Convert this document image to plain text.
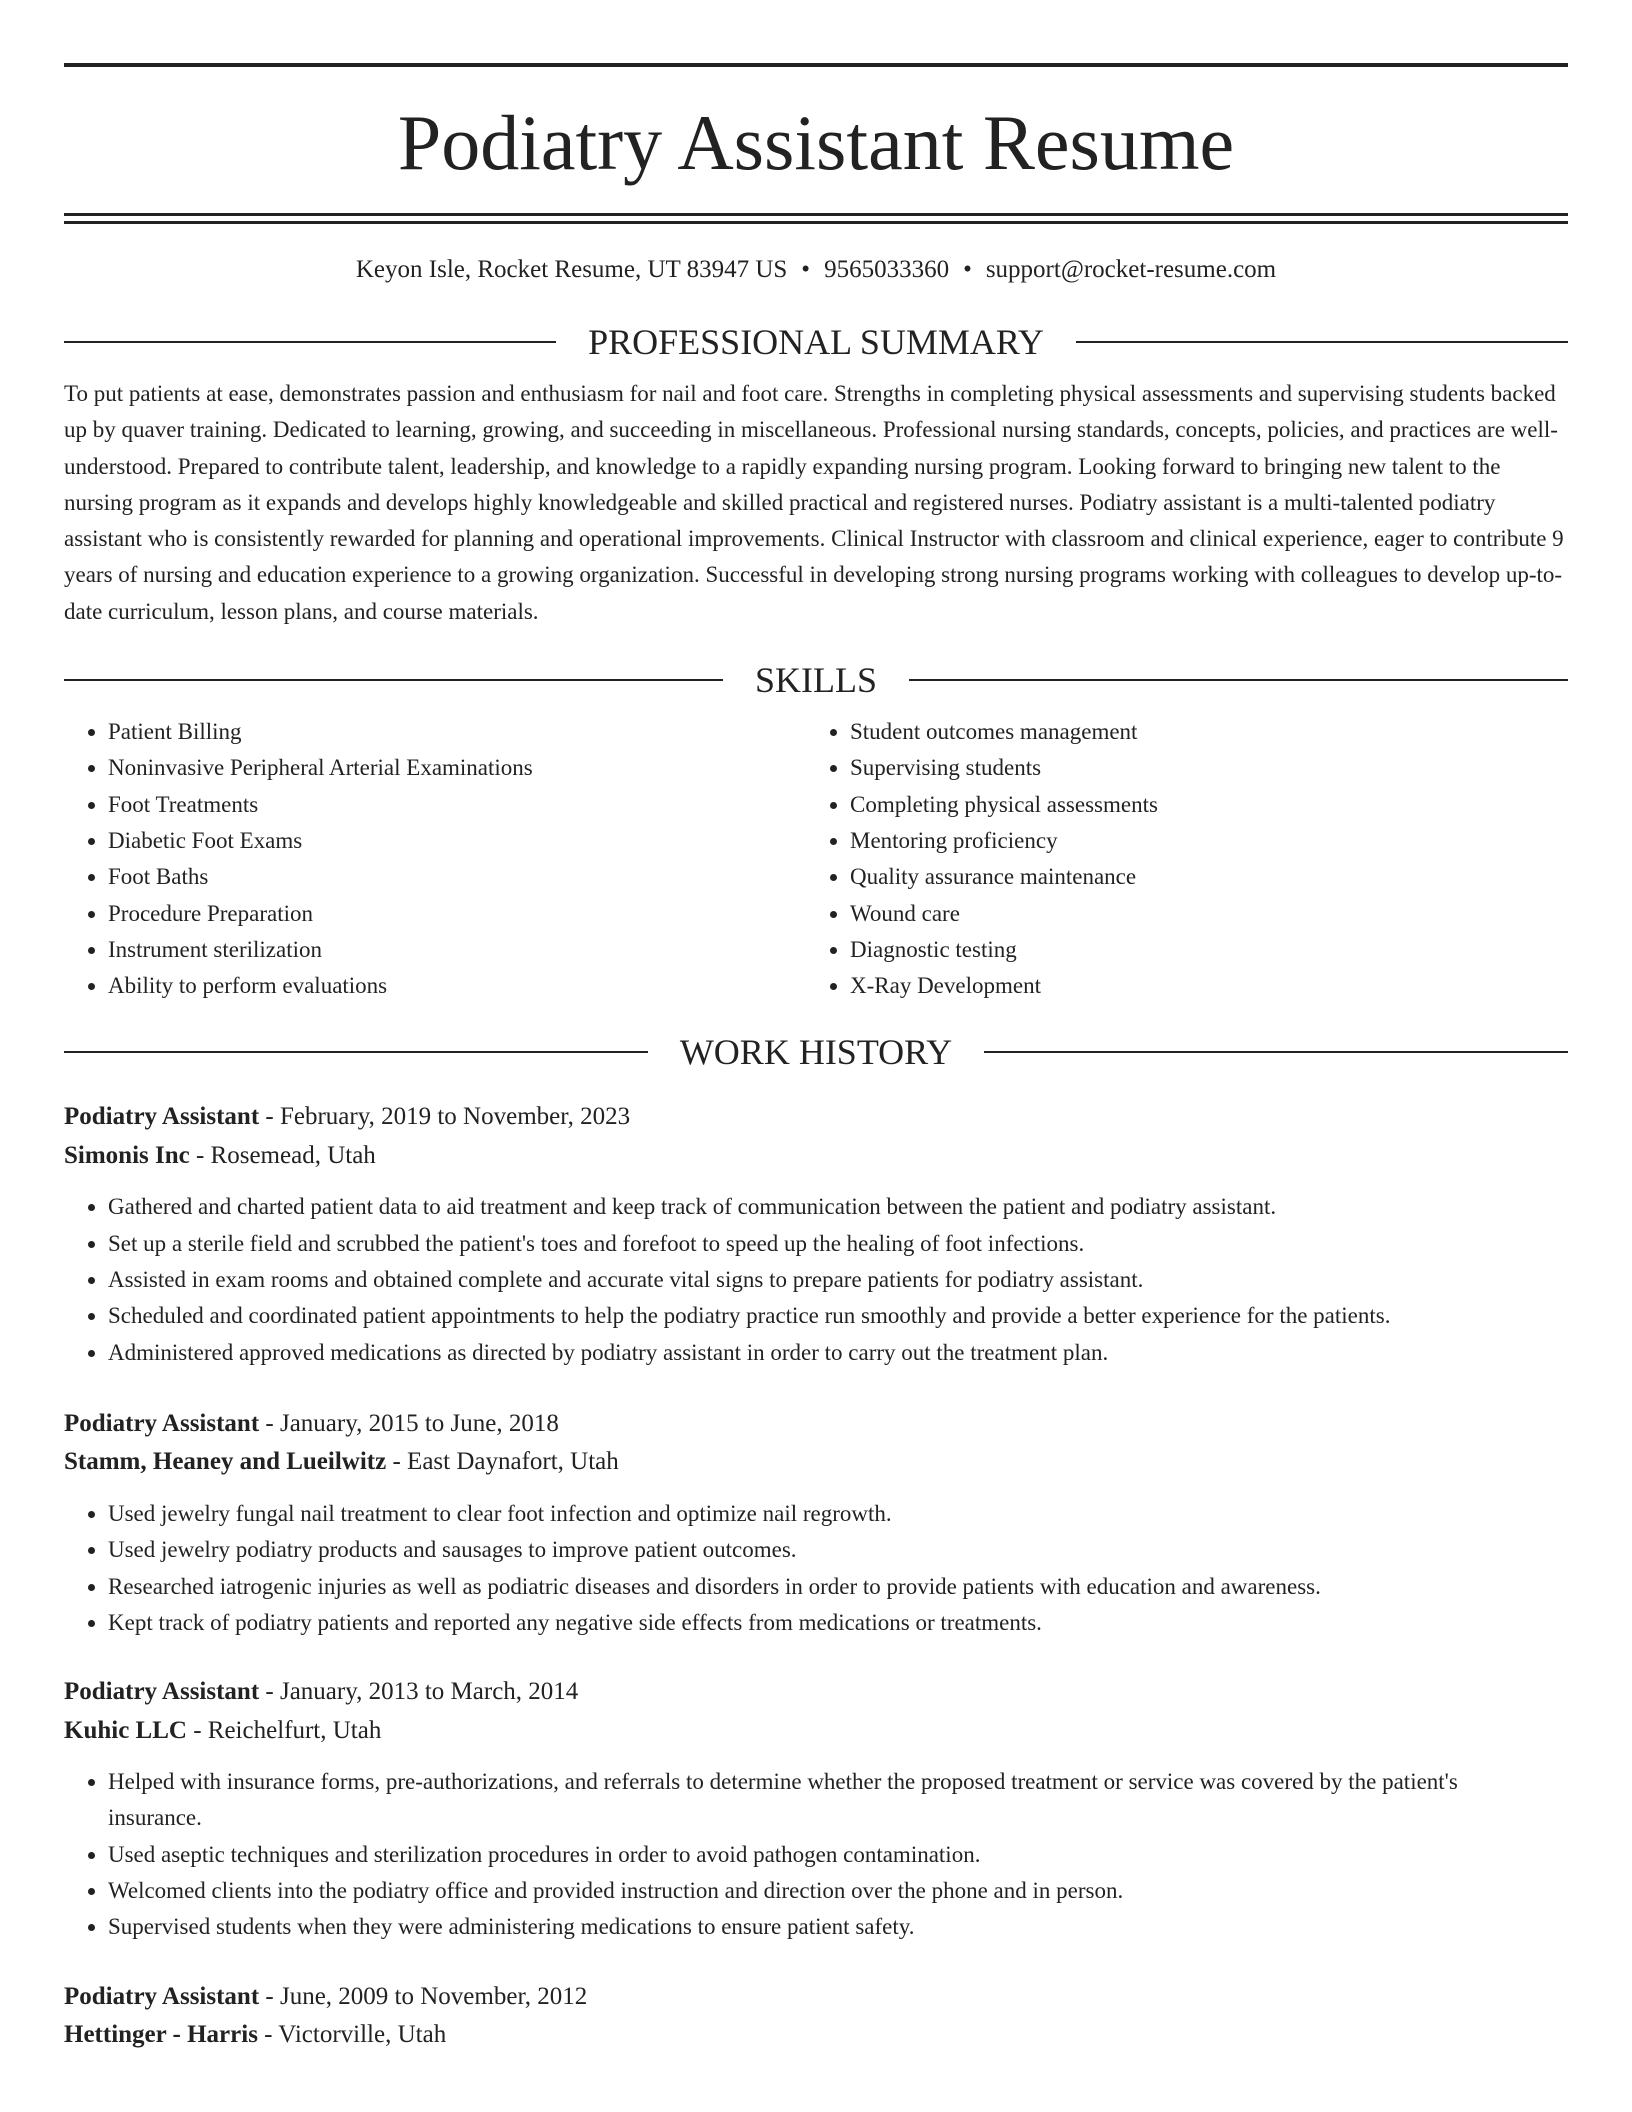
Podiatry Assistant Resume
Keyon Isle, Rocket Resume, UT 83947 US • 9565033360 • support@rocket-resume.com
PROFESSIONAL SUMMARY
To put patients at ease, demonstrates passion and enthusiasm for nail and foot care. Strengths in completing physical assessments and supervising students backed up by quaver training. Dedicated to learning, growing, and succeeding in miscellaneous. Professional nursing standards, concepts, policies, and practices are well-understood. Prepared to contribute talent, leadership, and knowledge to a rapidly expanding nursing program. Looking forward to bringing new talent to the nursing program as it expands and develops highly knowledgeable and skilled practical and registered nurses. Podiatry assistant is a multi-talented podiatry assistant who is consistently rewarded for planning and operational improvements. Clinical Instructor with classroom and clinical experience, eager to contribute 9 years of nursing and education experience to a growing organization. Successful in developing strong nursing programs working with colleagues to develop up-to-date curriculum, lesson plans, and course materials.
SKILLS
• Patient Billing
• Noninvasive Peripheral Arterial Examinations
• Foot Treatments
• Diabetic Foot Exams
• Foot Baths
• Procedure Preparation
• Instrument sterilization
• Ability to perform evaluations
• Student outcomes management
• Supervising students
• Completing physical assessments
• Mentoring proficiency
• Quality assurance maintenance
• Wound care
• Diagnostic testing
• X-Ray Development
WORK HISTORY
Podiatry Assistant - February, 2019 to November, 2023
Simonis Inc - Rosemead, Utah
• Gathered and charted patient data to aid treatment and keep track of communication between the patient and podiatry assistant.
• Set up a sterile field and scrubbed the patient's toes and forefoot to speed up the healing of foot infections.
• Assisted in exam rooms and obtained complete and accurate vital signs to prepare patients for podiatry assistant.
• Scheduled and coordinated patient appointments to help the podiatry practice run smoothly and provide a better experience for the patients.
• Administered approved medications as directed by podiatry assistant in order to carry out the treatment plan.
Podiatry Assistant - January, 2015 to June, 2018
Stamm, Heaney and Lueilwitz - East Daynafort, Utah
• Used jewelry fungal nail treatment to clear foot infection and optimize nail regrowth.
• Used jewelry podiatry products and sausages to improve patient outcomes.
• Researched iatrogenic injuries as well as podiatric diseases and disorders in order to provide patients with education and awareness.
• Kept track of podiatry patients and reported any negative side effects from medications or treatments.
Podiatry Assistant - January, 2013 to March, 2014
Kuhic LLC - Reichelfurt, Utah
• Helped with insurance forms, pre-authorizations, and referrals to determine whether the proposed treatment or service was covered by the patient's insurance.
• Used aseptic techniques and sterilization procedures in order to avoid pathogen contamination.
• Welcomed clients into the podiatry office and provided instruction and direction over the phone and in person.
• Supervised students when they were administering medications to ensure patient safety.
Podiatry Assistant - June, 2009 to November, 2012
Hettinger - Harris - Victorville, Utah
